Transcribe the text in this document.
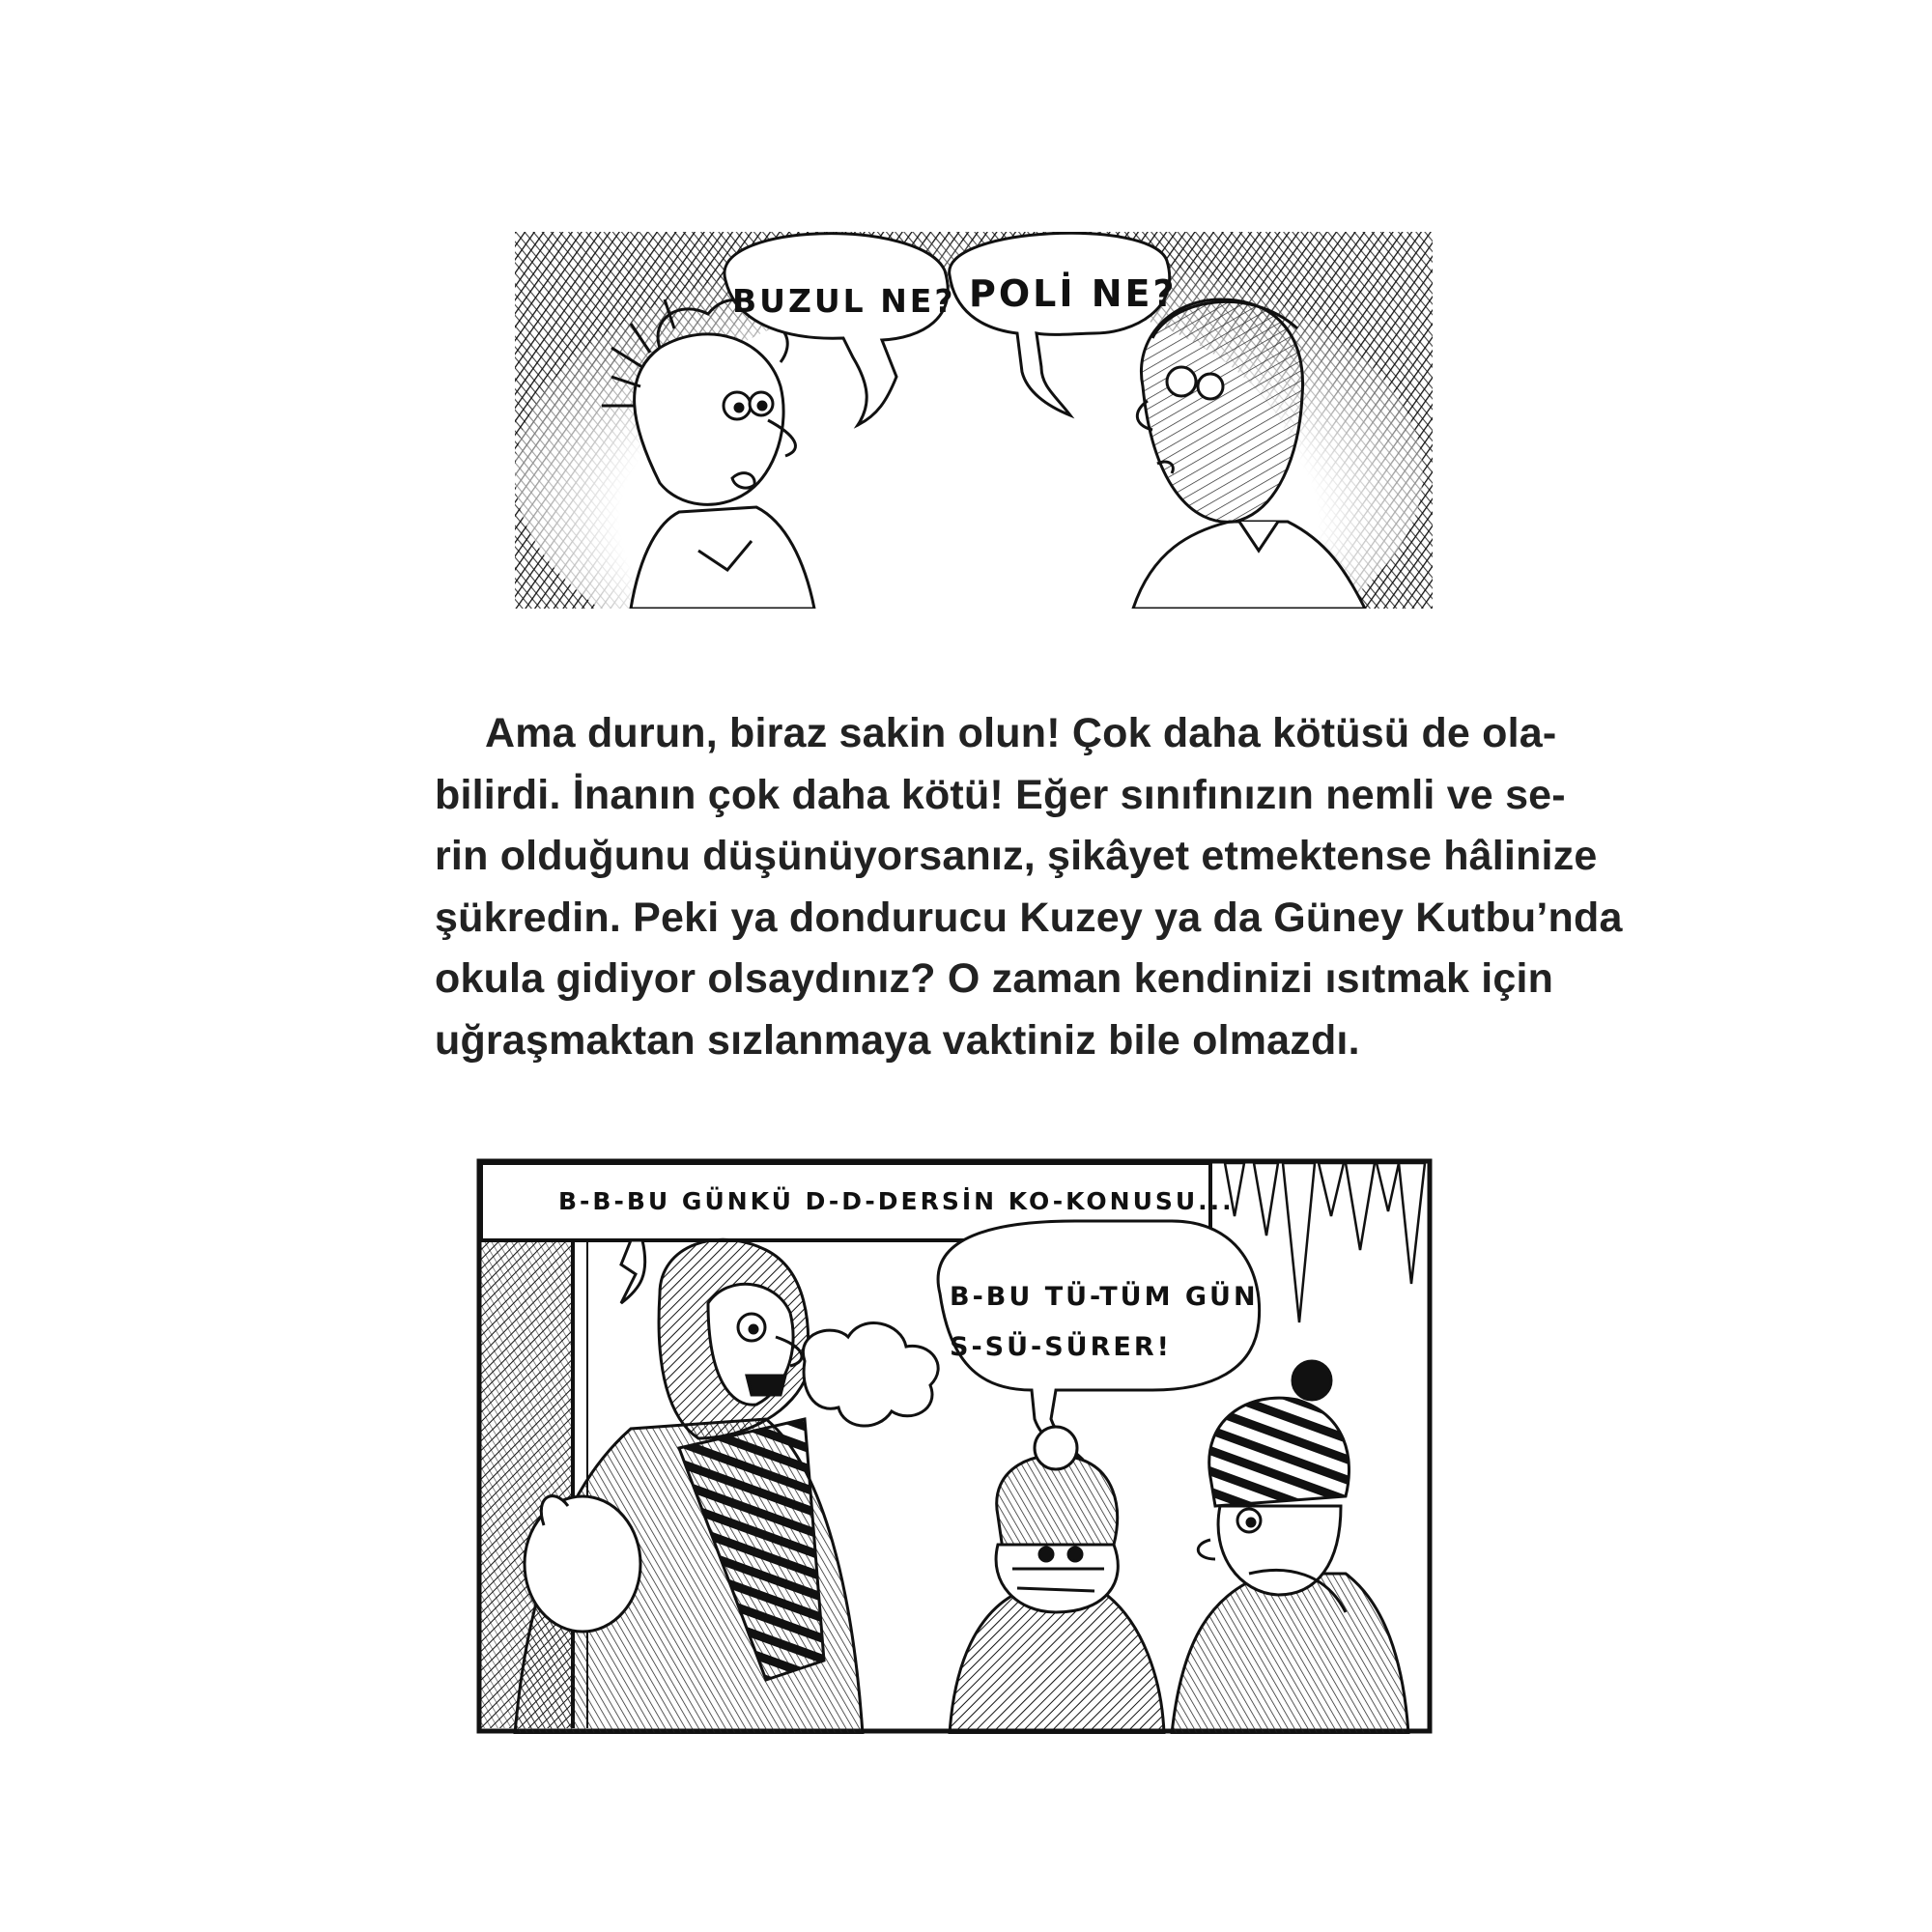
BUZUL NE? POLİ NE?
Ama durun, biraz sakin olun! Çok daha kötüsü de ola-
bilirdi. İnanın çok daha kötü! Eğer sınıfınızın nemli ve se-
rin olduğunu düşünüyorsanız, şikâyet etmektense hâlinize
şükredin. Peki ya dondurucu Kuzey ya da Güney Kutbu’nda
okula gidiyor olsaydınız? O zaman kendinizi ısıtmak için
uğraşmaktan sızlanmaya vaktiniz bile olmazdı.
B-B-BU GÜNKÜ D-D-DERSİN KO-KONUSU...
B-BU TÜ-TÜM GÜN
S-SÜ-SÜRER!
